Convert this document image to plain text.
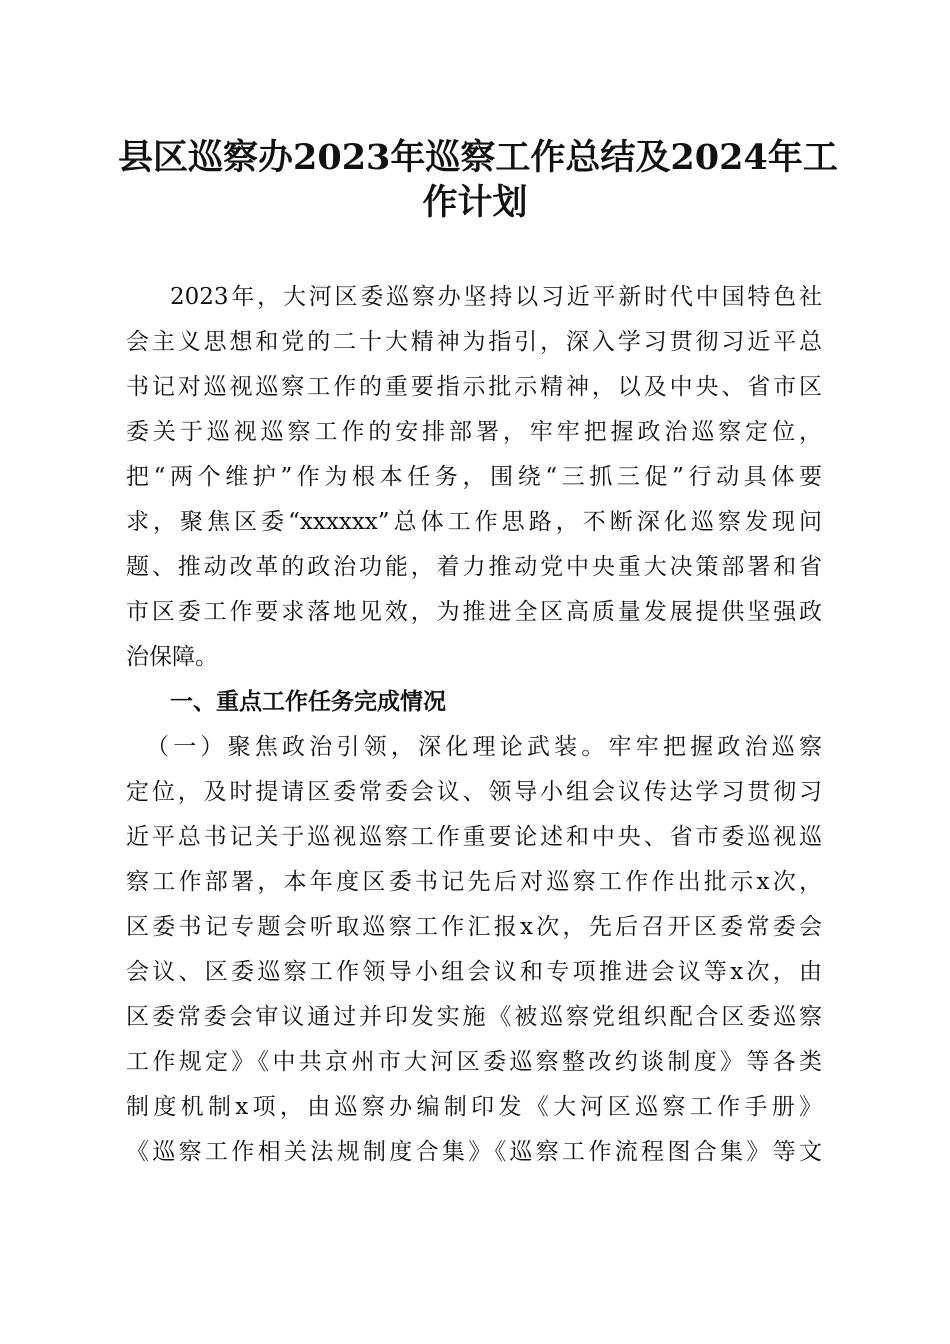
县区巡察办2023年巡察工作总结及2024年工
作计划
2023年，大河区委巡察办坚持以习近平新时代中国特色社
会主义思想和党的二十大精神为指引，深入学习贯彻习近平总
书记对巡视巡察工作的重要指示批示精神，以及中央、省市区
委关于巡视巡察工作的安排部署，牢牢把握政治巡察定位，
把“两个维护”作为根本任务，围绕“三抓三促”行动具体要
求，聚焦区委“xxxxxx”总体工作思路，不断深化巡察发现问
题、推动改革的政治功能，着力推动党中央重大决策部署和省
市区委工作要求落地见效，为推进全区高质量发展提供坚强政
治保障。
一、重点工作任务完成情况
（一）聚焦政治引领，深化理论武装。牢牢把握政治巡察
定位，及时提请区委常委会议、领导小组会议传达学习贯彻习
近平总书记关于巡视巡察工作重要论述和中央、省市委巡视巡
察工作部署，本年度区委书记先后对巡察工作作出批示x次，
区委书记专题会听取巡察工作汇报x次，先后召开区委常委会
会议、区委巡察工作领导小组会议和专项推进会议等x次，由
区委常委会审议通过并印发实施《被巡察党组织配合区委巡察
工作规定》《中共京州市大河区委巡察整改约谈制度》等各类
制度机制x项，由巡察办编制印发《大河区巡察工作手册》
《巡察工作相关法规制度合集》《巡察工作流程图合集》等文
